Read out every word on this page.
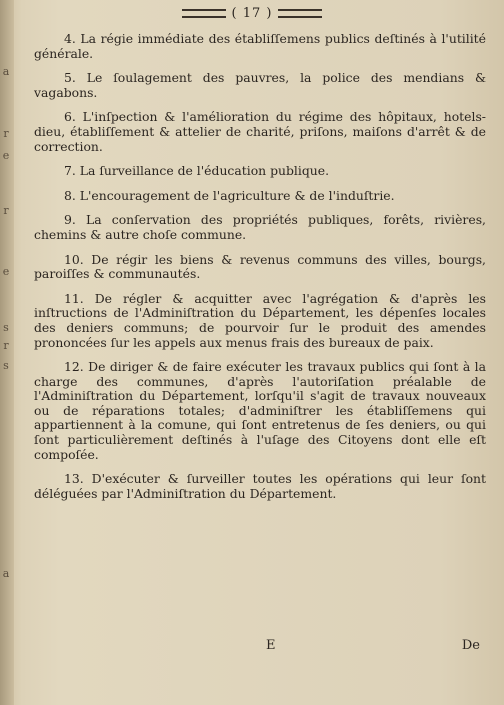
a
r
e
r
e
s
r
s
a
( 17 )

4. La régie immédiate des établiſſemens publics deſtinés à l'utilité générale.

5. Le ſoulagement des pauvres, la police des mendians & vagabons.

6. L'inſpection & l'amélioration du régime des hôpitaux, hotels-dieu, établiſſement & attelier de charité, priſons, maiſons d'arrêt & de correction.

7. La ſurveillance de l'éducation publique.

8. L'encouragement de l'agriculture & de l'induſtrie.

9. La conſervation des propriétés publiques, forêts, rivières, chemins & autre choſe commune.

10. De régir les biens & revenus communs des villes, bourgs, paroiſſes & communautés.

11. De régler & acquitter avec l'agrégation & d'après les inſtructions de l'Adminiſtration du Département, les dépenſes locales des deniers communs; de pourvoir ſur le produit des amendes prononcées ſur les appels aux menus frais des bureaux de paix.

12. De diriger & de faire exécuter les travaux publics qui ſont à la charge des communes, d'après l'autoriſation préalable de l'Adminiſtration du Département, lorſqu'il s'agit de travaux nouveaux ou de réparations totales; d'adminiſtrer les établiſſemens qui appartiennent à la comune, qui ſont entretenus de ſes deniers, ou qui ſont particulièrement deſtinés à l'uſage des Citoyens dont elle eſt compoſée.

13. D'exécuter & ſurveiller toutes les opérations qui leur ſont déléguées par l'Adminiſtration du Département.

E	De
